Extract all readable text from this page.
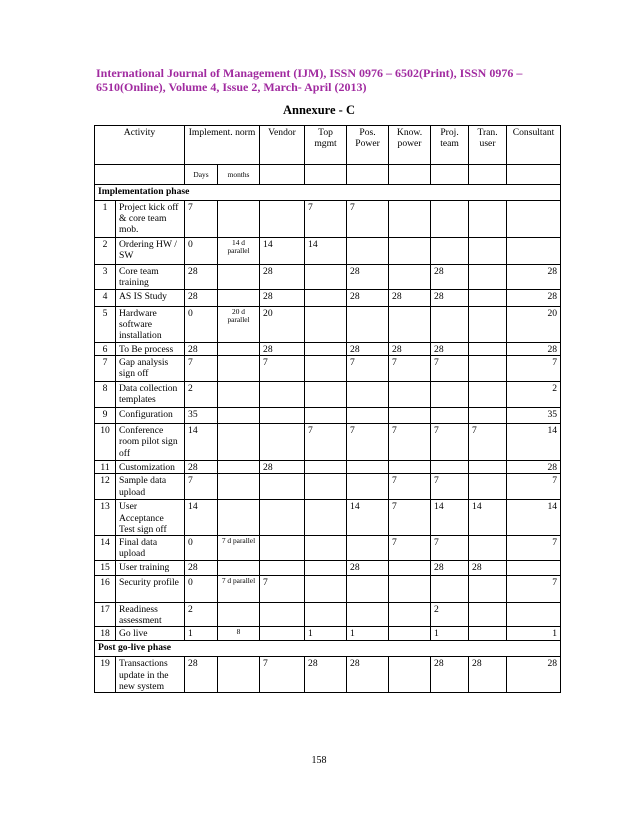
International Journal of Management (IJM), ISSN 0976 – 6502(Print), ISSN 0976 –
6510(Online), Volume 4, Issue 2, March- April (2013)
Annexure - C
Activity		Implement. norm		Vendor	Top mgmt	Pos. Power	Know. power	Proj. team	Tran. user	Consultant
		Days	months							
Implementation phase										
1	Project kick off & core team mob.	7			7	7				
2	Ordering HW / SW	0	14 d parallel	14	14					
3	Core team training	28		28		28		28		28
4	AS IS Study	28		28		28	28	28		28
5	Hardware software installation	0	20 d parallel	20						20
6	To Be process	28		28		28	28	28		28
7	Gap analysis sign off	7		7		7	7	7		7
8	Data collection templates	2								2
9	Configuration	35								35
10	Conference room pilot sign off	14			7	7	7	7	7	14
11	Customization	28		28						28
12	Sample data upload	7					7	7		7
13	User Acceptance Test sign off	14				14	7	14	14	14
14	Final data upload	0	7 d parallel				7	7		7
15	User training	28				28		28	28	
16	Security profile	0	7 d parallel	7						7
17	Readiness assessment	2						2		
18	Go live	1	8		1	1		1		1
Post go-live phase										
19	Transactions update in the new system	28		7	28	28		28	28	28
158
